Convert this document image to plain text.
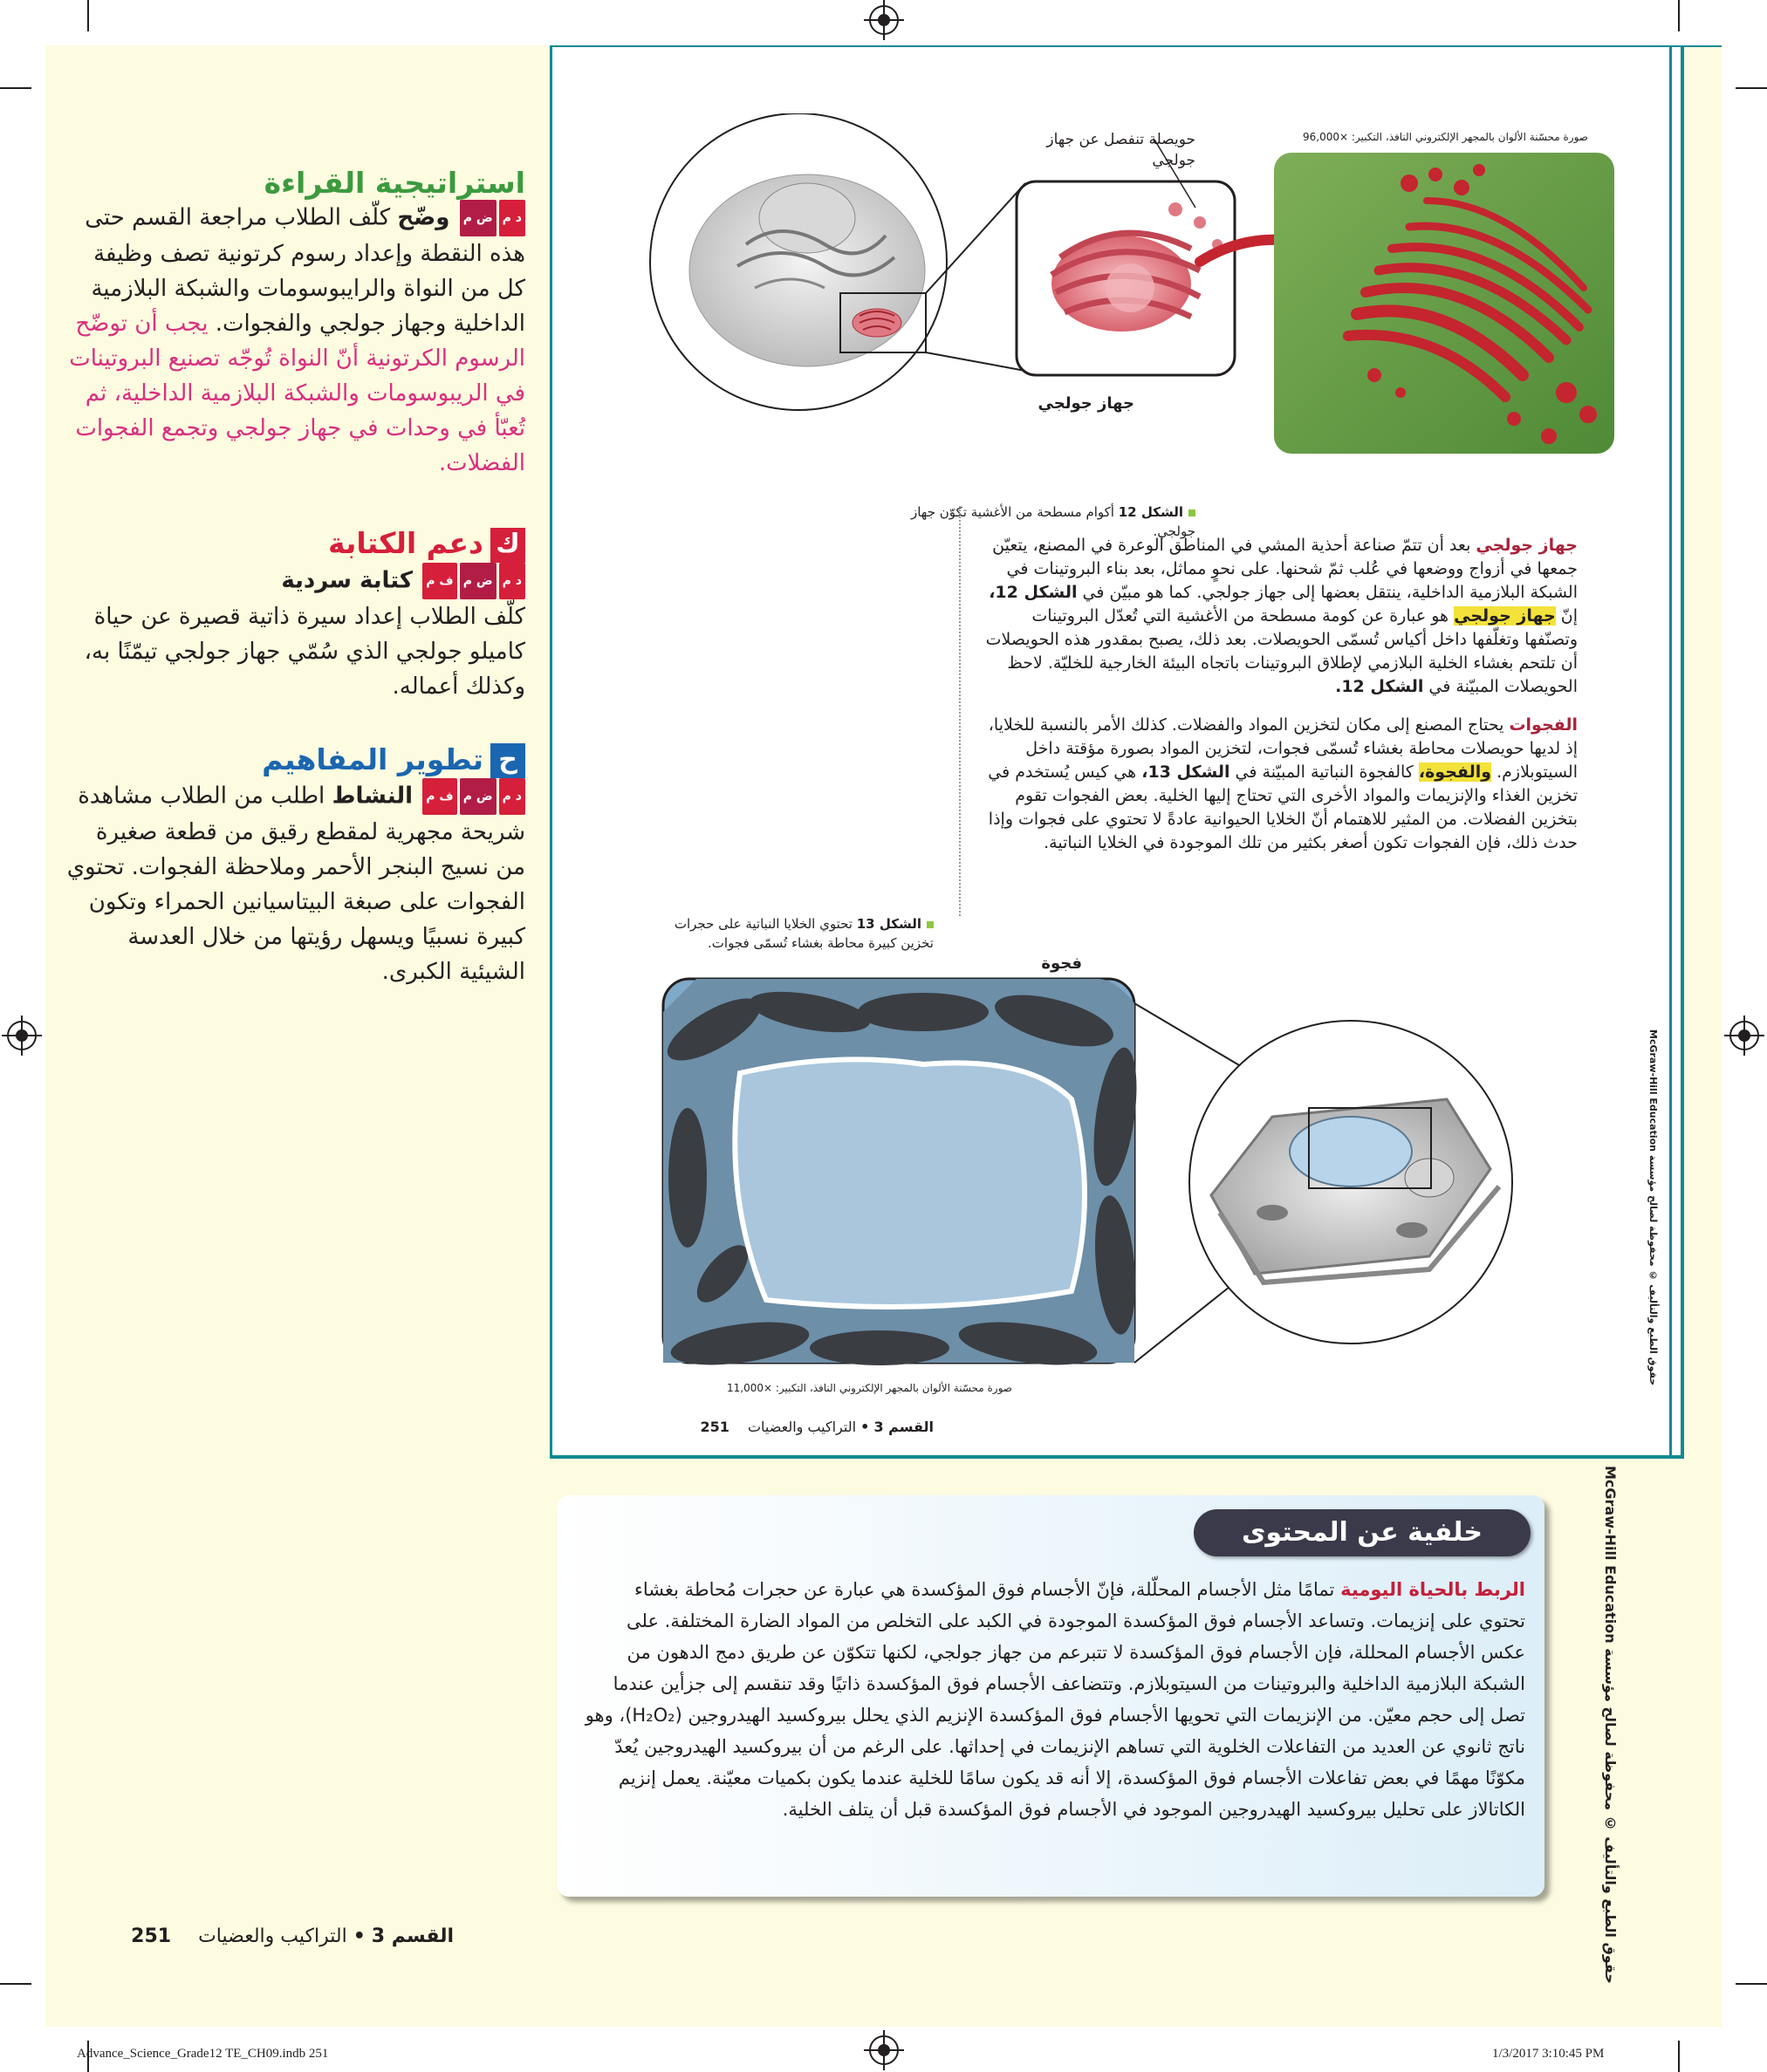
استراتيجية القراءة
د مض م وضّح كلّف الطلاب مراجعة القسم حتى هذه النقطة وإعداد رسوم كرتونية تصف وظيفة كل من النواة والرايبوسومات والشبكة البلازمية الداخلية وجهاز جولجي والفجوات. يجب أن توضّح الرسوم الكرتونية أنّ النواة تُوجّه تصنيع البروتينات في الريبوسومات والشبكة البلازمية الداخلية، ثم تُعبّأ في وحدات في جهاز جولجي وتجمع الفجوات الفضلات.
كدعم الكتابة
د مض مف م كتابة سردية
كلّف الطلاب إعداد سيرة ذاتية قصيرة عن حياة كاميلو جولجي الذي سُمّي جهاز جولجي تيمّنًا به، وكذلك أعماله.
حتطوير المفاهيم
د مض مف م النشاط اطلب من الطلاب مشاهدة شريحة مجهرية لمقطع رقيق من قطعة صغيرة من نسيج البنجر الأحمر وملاحظة الفجوات. تحتوي الفجوات على صبغة البيتاسيانين الحمراء وتكون كبيرة نسبيًا ويسهل رؤيتها من خلال العدسة الشيئية الكبرى.
صورة محسّنة الألوان بالمجهر الإلكتروني النافذ، التكبير: ×96,000
حويصلة تنفصل عن جهاز جولجي
جهاز جولجي
الشكل 12 أكوام مسطحة من الأغشية تكوّن جهاز جولجي.
جهاز جولجي بعد أن تتمّ صناعة أحذية المشي في المناطق الوعرة في المصنع، يتعيّن جمعها في أزواج ووضعها في عُلب ثمّ شحنها. على نحوٍ مماثل، بعد بناء البروتينات في الشبكة البلازمية الداخلية، ينتقل بعضها إلى جهاز جولجي. كما هو مبيّن في الشكل 12، إنّ جهاز جولجي هو عبارة عن كومة مسطحة من الأغشية التي تُعدّل البروتينات وتصنّفها وتغلّفها داخل أكياس تُسمّى الحويصلات. بعد ذلك، يصبح بمقدور هذه الحويصلات أن تلتحم بغشاء الخلية البلازمي لإطلاق البروتينات باتجاه البيئة الخارجية للخليّة. لاحظ الحويصلات المبيّنة في الشكل 12.
الفجوات يحتاج المصنع إلى مكان لتخزين المواد والفضلات. كذلك الأمر بالنسبة للخلايا، إذ لديها حويصلات محاطة بغشاء تُسمّى فجوات، لتخزين المواد بصورة مؤقتة داخل السيتوبلازم. والفجوة، كالفجوة النباتية المبيّنة في الشكل 13، هي كيس يُستخدم في تخزين الغذاء والإنزيمات والمواد الأخرى التي تحتاج إليها الخلية. بعض الفجوات تقوم بتخزين الفضلات. من المثير للاهتمام أنّ الخلايا الحيوانية عادةً لا تحتوي على فجوات وإذا حدث ذلك، فإن الفجوات تكون أصغر بكثير من تلك الموجودة في الخلايا النباتية.
الشكل 13 تحتوي الخلايا النباتية على حجرات تخزين كبيرة محاطة بغشاء تُسمّى فجوات.
فجوة
صورة محسّنة الألوان بالمجهر الإلكتروني النافذ، التكبير: ×11,000
القسم 3 • التراكيب والعضيات 251
McGraw-Hill Education حقوق الطبع والتأليف © محفوظة لصالح مؤسسة
McGraw-Hill Education حقوق الطبع والتأليف © محفوظة لصالح مؤسسة
خلفية عن المحتوى
الربط بالحياة اليومية تمامًا مثل الأجسام المحلّلة، فإنّ الأجسام فوق المؤكسدة هي عبارة عن حجرات مُحاطة بغشاء تحتوي على إنزيمات. وتساعد الأجسام فوق المؤكسدة الموجودة في الكبد على التخلص من المواد الضارة المختلفة. على عكس الأجسام المحللة، فإن الأجسام فوق المؤكسدة لا تتبرعم من جهاز جولجي، لكنها تتكوّن عن طريق دمج الدهون من الشبكة البلازمية الداخلية والبروتينات من السيتوبلازم. وتتضاعف الأجسام فوق المؤكسدة ذاتيًا وقد تنقسم إلى جزأين عندما تصل إلى حجم معيّن. من الإنزيمات التي تحويها الأجسام فوق المؤكسدة الإنزيم الذي يحلل بيروكسيد الهيدروجين (H₂O₂)، وهو ناتج ثانوي عن العديد من التفاعلات الخلوية التي تساهم الإنزيمات في إحداثها. على الرغم من أن بيروكسيد الهيدروجين يُعدّ مكوّنًا مهمًا في بعض تفاعلات الأجسام فوق المؤكسدة، إلا أنه قد يكون سامًا للخلية عندما يكون بكميات معيّنة. يعمل إنزيم الكاتالاز على تحليل بيروكسيد الهيدروجين الموجود في الأجسام فوق المؤكسدة قبل أن يتلف الخلية.
القسم 3 • التراكيب والعضيات 251
Advance_Science_Grade12 TE_CH09.indb 251	1/3/2017 3:10:45 PM
